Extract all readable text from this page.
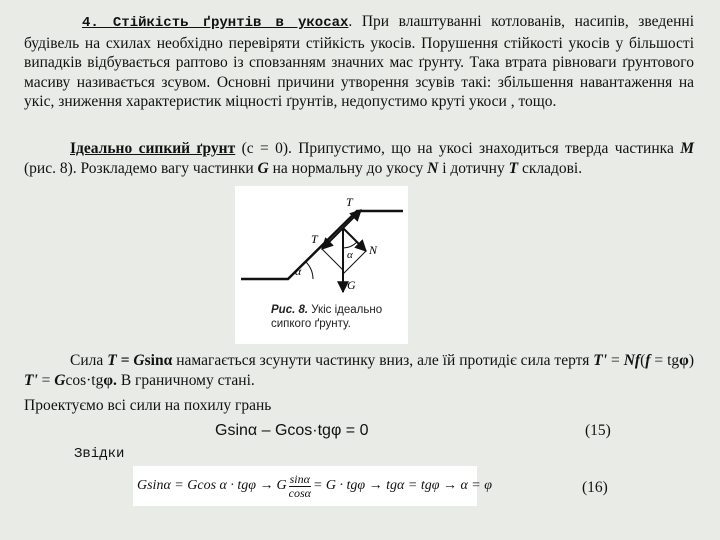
4. Стійкість ґрунтів в укосах. При влаштуванні котлованів, насипів, зведенні будівель на схилах необхідно перевіряти стійкість укосів. Порушення стійкості укосів у більшості випадків відбувається раптово із сповзанням значних мас ґрунту. Така втрата рівноваги ґрунтового масиву називається зсувом. Основні причини утворення зсувів такі: збільшення навантаження на укіс, зниження характеристик міцності ґрунтів, недопустимо круті укоси , тощо.
Ідеально сипкий ґрунт (c = 0). Припустимо, що на укосі знаходиться тверда частинка M (рис. 8). Розкладемо вагу частинки G на нормальну до укосу N і дотичну T складові.
T
T
N
G
α
α
Рис. 8. Укіс ідеально сипкого ґрунту.
Сила T = Gsinα намагається зсунути частинку вниз, але їй протидіє сила тертя T' = Nf(f = tgφ) T' = Gcos·tgφ. В граничному стані.
Проектуємо всі сили на похилу грань
Gsinα – Gcos·tgφ = 0	(15)
Звідки
Gsinα = Gcos α · tgφ → G $\frac{\sin\alpha}{\cos\alpha} = G \cdot tg\varphi \to tg\alpha = tg\varphi \to \alpha = \varphi$	(16)
